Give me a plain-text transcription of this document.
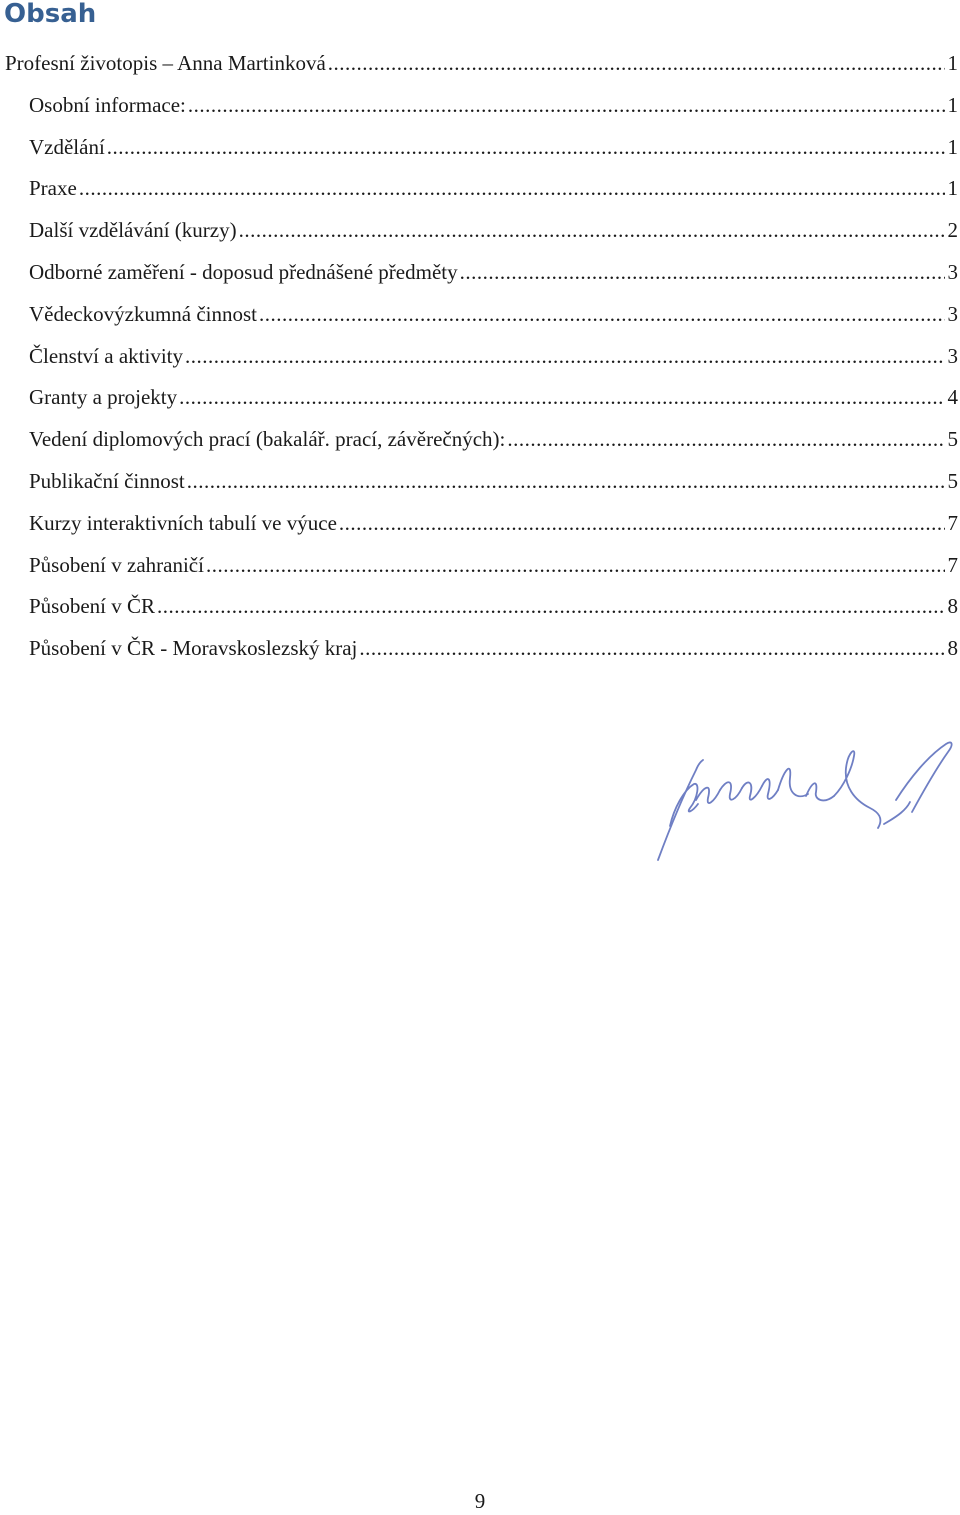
Obsah
Profesní životopis – Anna Martinková .....	1
Osobní informace: .....	1
Vzdělání .....	1
Praxe .....	1
Další vzdělávání (kurzy) .....	2
Odborné zaměření - doposud přednášené předměty .....	3
Vědeckovýzkumná činnost .....	3
Členství a aktivity .....	3
Granty a projekty .....	4
Vedení diplomových prací (bakalář. prací, závěrečných): .....	5
Publikační činnost .....	5
Kurzy interaktivních tabulí ve výuce .....	7
Působení v zahraničí .....	7
Působení v ČR .....	8
Působení v ČR - Moravskoslezský kraj .....	8
9
